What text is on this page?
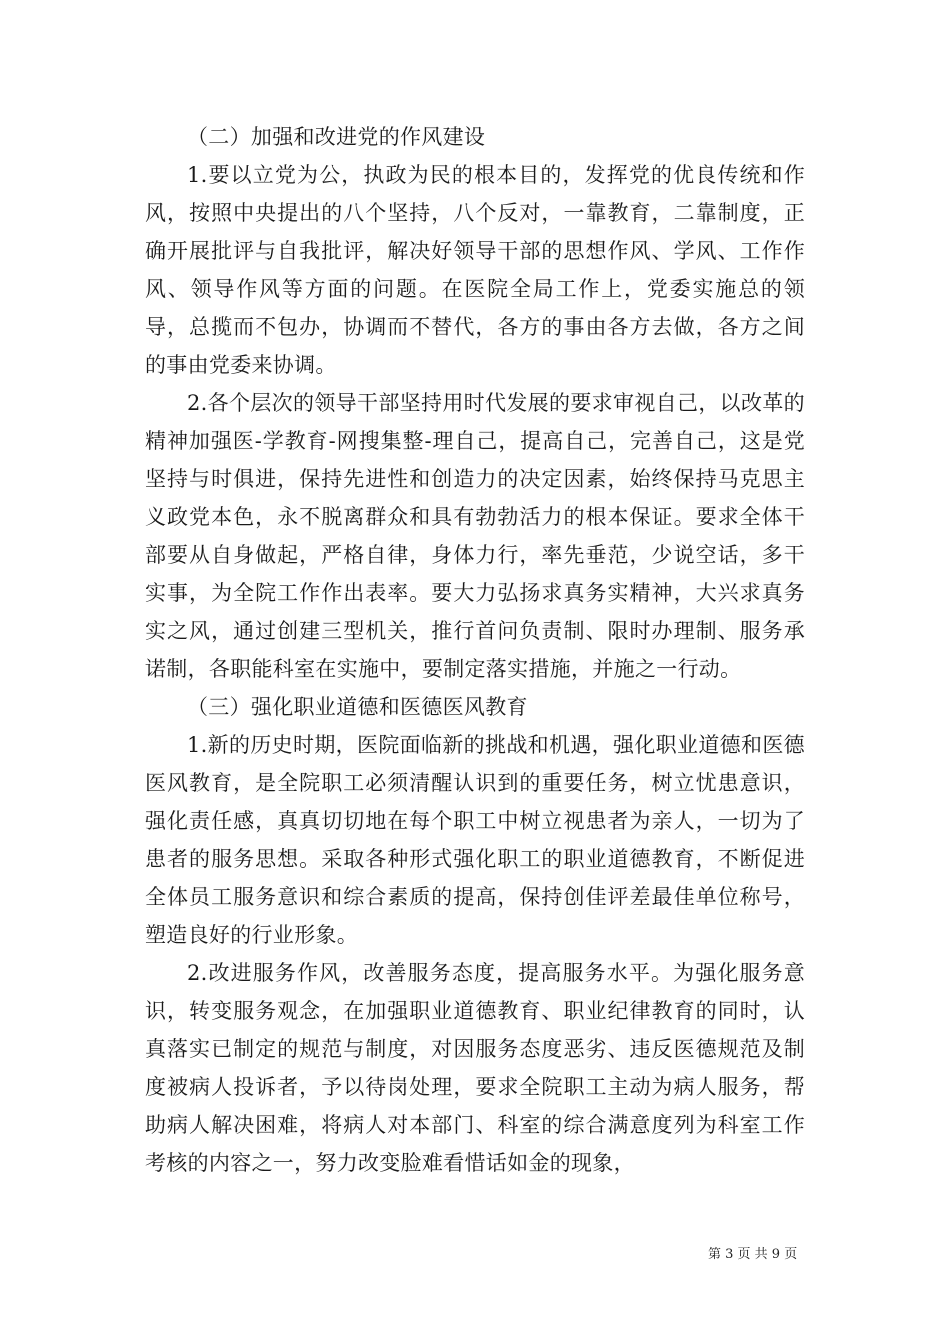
（二）加强和改进党的作风建设

1.要以立党为公，执政为民的根本目的，发挥党的优良传统和作风，按照中央提出的八个坚持，八个反对，一靠教育，二靠制度，正确开展批评与自我批评，解决好领导干部的思想作风、学风、工作作风、领导作风等方面的问题。在医院全局工作上，党委实施总的领导，总揽而不包办，协调而不替代，各方的事由各方去做，各方之间的事由党委来协调。

2.各个层次的领导干部坚持用时代发展的要求审视自己，以改革的精神加强医-学教育-网搜集整-理自己，提高自己，完善自己，这是党坚持与时俱进，保持先进性和创造力的决定因素，始终保持马克思主义政党本色，永不脱离群众和具有勃勃活力的根本保证。要求全体干部要从自身做起，严格自律，身体力行，率先垂范，少说空话，多干实事，为全院工作作出表率。要大力弘扬求真务实精神，大兴求真务实之风，通过创建三型机关，推行首问负责制、限时办理制、服务承诺制，各职能科室在实施中，要制定落实措施，并施之一行动。

（三）强化职业道德和医德医风教育

1.新的历史时期，医院面临新的挑战和机遇，强化职业道德和医德医风教育，是全院职工必须清醒认识到的重要任务，树立忧患意识，强化责任感，真真切切地在每个职工中树立视患者为亲人，一切为了患者的服务思想。采取各种形式强化职工的职业道德教育，不断促进全体员工服务意识和综合素质的提高，保持创佳评差最佳单位称号，塑造良好的行业形象。

2.改进服务作风，改善服务态度，提高服务水平。为强化服务意识，转变服务观念，在加强职业道德教育、职业纪律教育的同时，认真落实已制定的规范与制度，对因服务态度恶劣、违反医德规范及制度被病人投诉者，予以待岗处理，要求全院职工主动为病人服务，帮助病人解决困难，将病人对本部门、科室的综合满意度列为科室工作考核的内容之一，努力改变脸难看惜话如金的现象，

第 3 页 共 9 页
